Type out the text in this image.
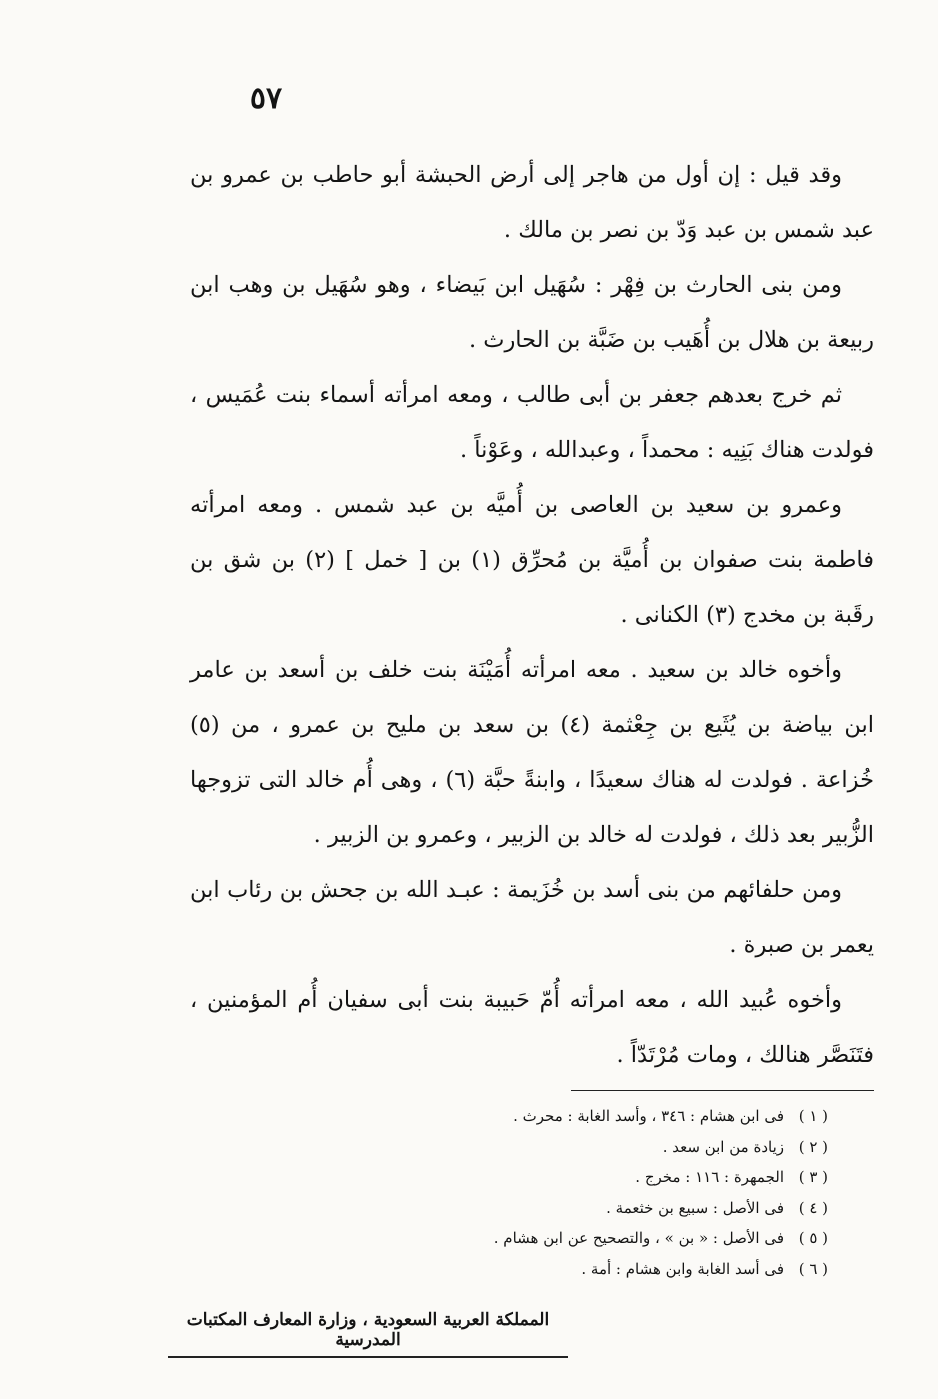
٥٧

وقد قيل : إن أول من هاجر إلى أرض الحبشة أبو حاطب بن عمرو بن عبد شمس بن عبد وَدّ بن نصر بن مالك .

ومن بنى الحارث بن فِهْر : سُهَيل ابن بَيضاء ، وهو سُهَيل بن وهب ابن ربيعة بن هلال بن أُهَيب بن ضَبَّة بن الحارث .

ثم خرج بعدهم جعفر بن أبى طالب ، ومعه امرأته أسماء بنت عُمَيس ، فولدت هناك بَنِيه : محمداً ، وعبدالله ، وعَوْناً .

وعمرو بن سعيد بن العاصى بن أُميَّه بن عبد شمس . ومعه امرأته فاطمة بنت صفوان بن أُميَّة بن مُحرِّق (١) بن [ خمل ] (٢) بن شق بن رقَبة بن مخدج (٣) الكنانى .

وأخوه خالد بن سعيد . معه امرأته أُمَيْنَة بنت خلف بن أسعد بن عامر ابن بياضة بن يُثَيع بن جِعْثمة (٤) بن سعد بن مليح بن عمرو ، من (٥) خُزاعة . فولدت له هناك سعيدًا ، وابنةً حبَّة (٦) ، وهى أُم خالد التى تزوجها الزُّبير بعد ذلك ، فولدت له خالد بن الزبير ، وعمرو بن الزبير .

ومن حلفائهم من بنى أسد بن خُزَيمة : عبـد الله بن جحش بن رئاب ابن يعمر بن صبرة .

وأخوه عُبيد الله ، معه امرأته أُمّ حَبيبة بنت أبى سفيان أُم المؤمنين ، فتَنَصَّر هنالك ، ومات مُرْتَدّاً .

( ١ )فى ابن هشام : ٣٤٦ ، وأسد الغابة : محرث .
( ٢ )زيادة من ابن سعد .
( ٣ )الجمهرة : ١١٦ : مخرج .
( ٤ )فى الأصل : سبيع بن خثعمة .
( ٥ )فى الأصل : « بن » ، والتصحيح عن ابن هشام .
( ٦ )فى أسد الغابة وابن هشام : أمة .
المملكة العربية السعودية ، وزارة المعارف المكتبات المدرسية
